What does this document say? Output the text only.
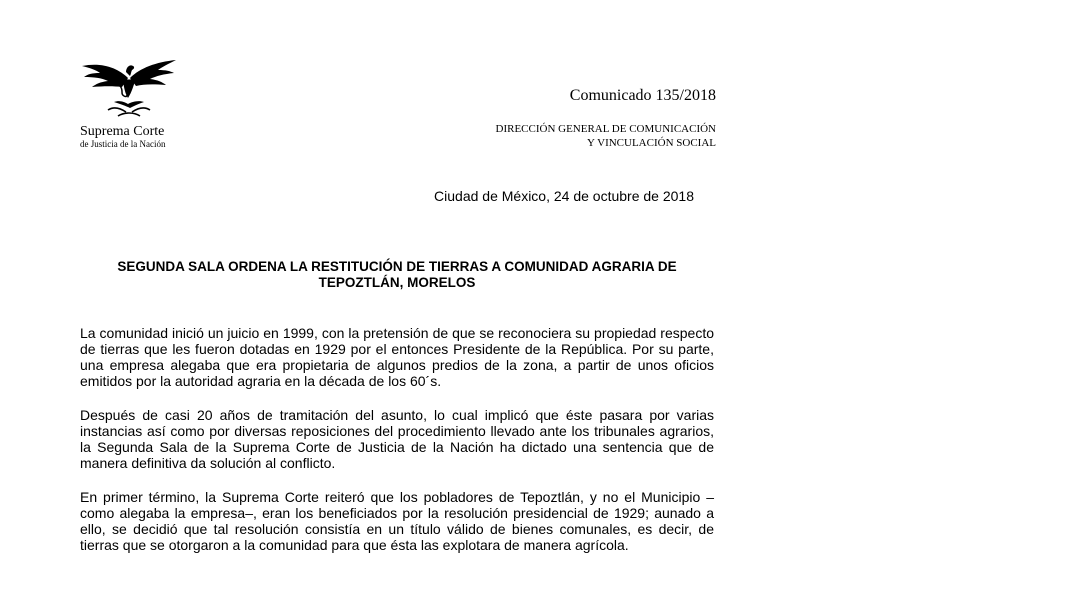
Suprema Corte
de Justicia de la Nación
Comunicado 135/2018
DIRECCIÓN GENERAL DE COMUNICACIÓN
Y VINCULACIÓN SOCIAL
Ciudad de México, 24 de octubre de 2018
SEGUNDA SALA ORDENA LA RESTITUCIÓN DE TIERRAS A COMUNIDAD AGRARIA DE
TEPOZTLÁN, MORELOS

La comunidad inició un juicio en 1999, con la pretensión de que se reconociera su propiedad respecto de tierras que les fueron dotadas en 1929 por el entonces Presidente de la República. Por su parte, una empresa alegaba que era propietaria de algunos predios de la zona, a partir de unos oficios emitidos por la autoridad agraria en la década de los 60´s.

Después de casi 20 años de tramitación del asunto, lo cual implicó que éste pasara por varias instancias así como por diversas reposiciones del procedimiento llevado ante los tribunales agrarios, la Segunda Sala de la Suprema Corte de Justicia de la Nación ha dictado una sentencia que de manera definitiva da solución al conflicto.

En primer término, la Suprema Corte reiteró que los pobladores de Tepoztlán, y no el Municipio –como alegaba la empresa–, eran los beneficiados por la resolución presidencial de 1929; aunado a ello, se decidió que tal resolución consistía en un título válido de bienes comunales, es decir, de tierras que se otorgaron a la comunidad para que ésta las explotara de manera agrícola.
